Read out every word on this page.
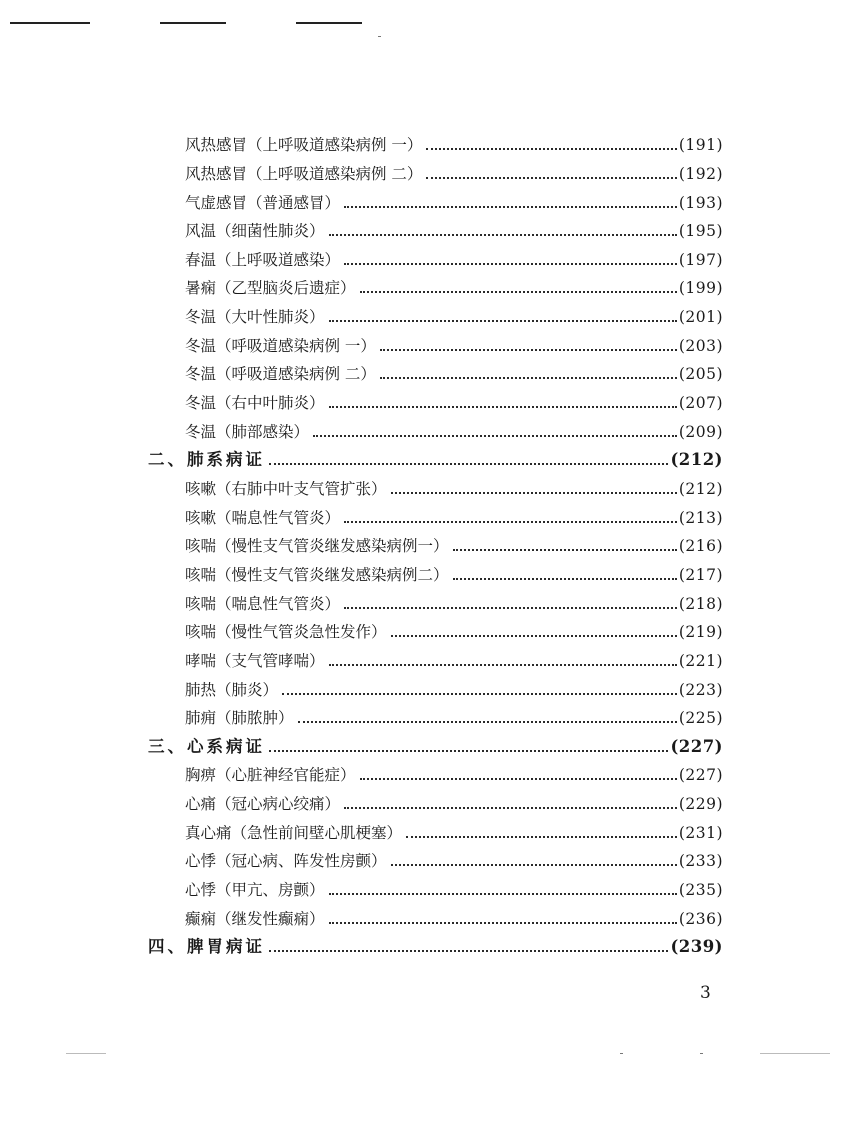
风热感冒（上呼吸道感染病例 一）	(191)
风热感冒（上呼吸道感染病例 二）	(192)
气虚感冒（普通感冒）	(193)
风温（细菌性肺炎）	(195)
春温（上呼吸道感染）	(197)
暑痫（乙型脑炎后遗症）	(199)
冬温（大叶性肺炎）	(201)
冬温（呼吸道感染病例 一）	(203)
冬温（呼吸道感染病例 二）	(205)
冬温（右中叶肺炎）	(207)
冬温（肺部感染）	(209)
二、肺系病证	(212)
咳嗽（右肺中叶支气管扩张）	(212)
咳嗽（喘息性气管炎）	(213)
咳喘（慢性支气管炎继发感染病例一）	(216)
咳喘（慢性支气管炎继发感染病例二）	(217)
咳喘（喘息性气管炎）	(218)
咳喘（慢性气管炎急性发作）	(219)
哮喘（支气管哮喘）	(221)
肺热（肺炎）	(223)
肺痈（肺脓肿）	(225)
三、心系病证	(227)
胸痹（心脏神经官能症）	(227)
心痛（冠心病心绞痛）	(229)
真心痛（急性前间壁心肌梗塞）	(231)
心悸（冠心病、阵发性房颤）	(233)
心悸（甲亢、房颤）	(235)
癫痫（继发性癫痫）	(236)
四、脾胃病证	(239)
3
